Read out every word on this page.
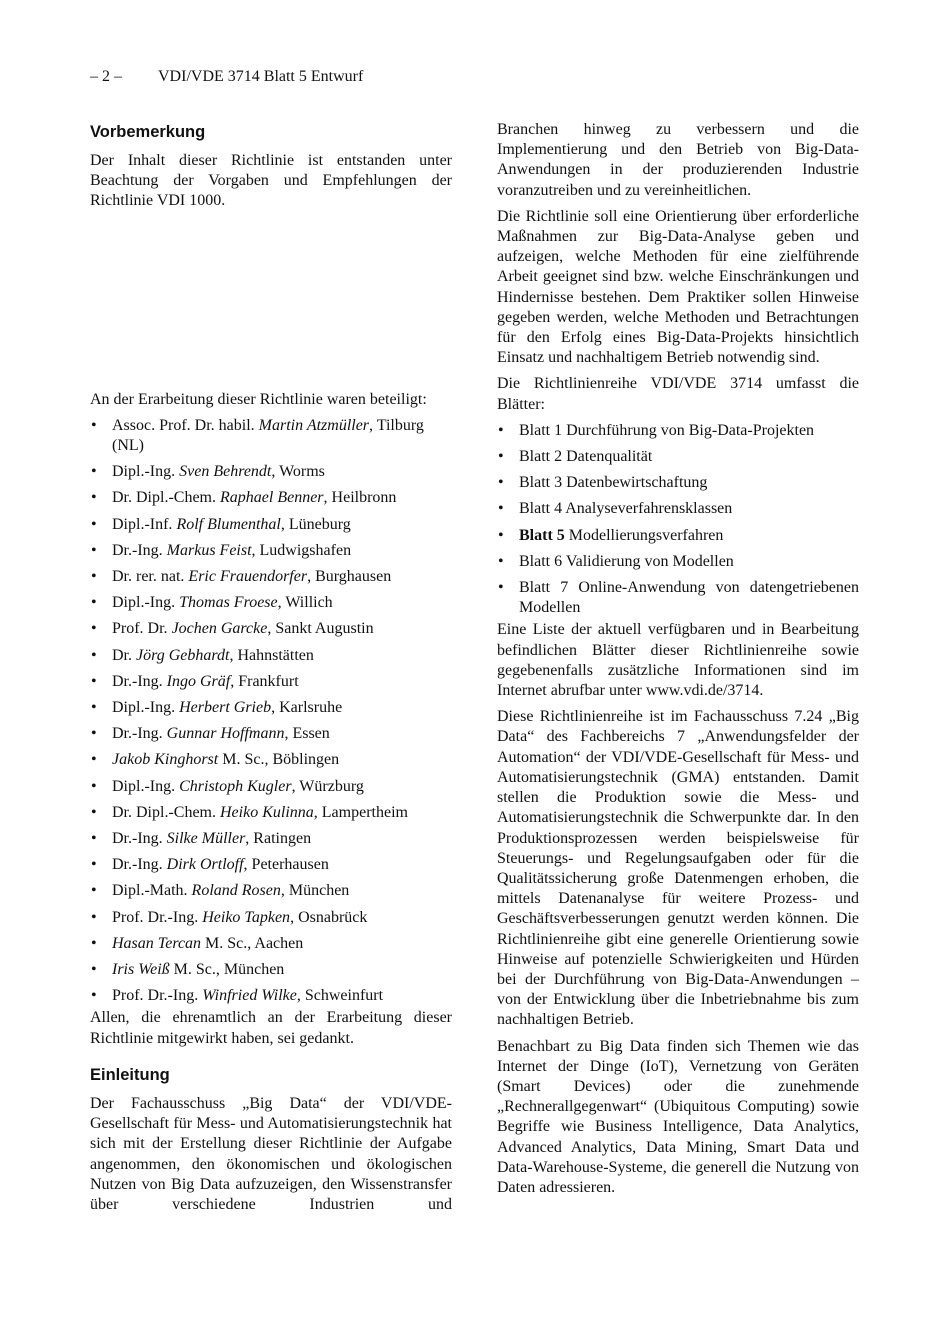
– 2 – VDI/VDE 3714 Blatt 5 Entwurf
Vorbemerkung

Der Inhalt dieser Richtlinie ist entstanden unter Beachtung der Vorgaben und Empfehlungen der Richtlinie VDI 1000.

An der Erarbeitung dieser Richtlinie waren beteiligt:

• Assoc. Prof. Dr. habil. Martin Atzmüller, Tilburg (NL)
• Dipl.-Ing. Sven Behrendt, Worms
• Dr. Dipl.-Chem. Raphael Benner, Heilbronn
• Dipl.-Inf. Rolf Blumenthal, Lüneburg
• Dr.-Ing. Markus Feist, Ludwigshafen
• Dr. rer. nat. Eric Frauendorfer, Burghausen
• Dipl.-Ing. Thomas Froese, Willich
• Prof. Dr. Jochen Garcke, Sankt Augustin
• Dr. Jörg Gebhardt, Hahnstätten
• Dr.-Ing. Ingo Gräf, Frankfurt
• Dipl.-Ing. Herbert Grieb, Karlsruhe
• Dr.-Ing. Gunnar Hoffmann, Essen
• Jakob Kinghorst M. Sc., Böblingen
• Dipl.-Ing. Christoph Kugler, Würzburg
• Dr. Dipl.-Chem. Heiko Kulinna, Lampertheim
• Dr.-Ing. Silke Müller, Ratingen
• Dr.-Ing. Dirk Ortloff, Peterhausen
• Dipl.-Math. Roland Rosen, München
• Prof. Dr.-Ing. Heiko Tapken, Osnabrück
• Hasan Tercan M. Sc., Aachen
• Iris Weiß M. Sc., München
• Prof. Dr.-Ing. Winfried Wilke, Schweinfurt

Allen, die ehrenamtlich an der Erarbeitung dieser Richtlinie mitgewirkt haben, sei gedankt.

Einleitung

Der Fachausschuss „Big Data“ der VDI/VDE-Gesellschaft für Mess- und Automatisierungstechnik hat sich mit der Erstellung dieser Richtlinie der Aufgabe angenommen, den ökonomischen und ökologischen Nutzen von Big Data aufzuzeigen, den Wissenstransfer über verschiedene Industrien und

Branchen hinweg zu verbessern und die Implementierung und den Betrieb von Big-Data-Anwendungen in der produzierenden Industrie voranzutreiben und zu vereinheitlichen.

Die Richtlinie soll eine Orientierung über erforderliche Maßnahmen zur Big-Data-Analyse geben und aufzeigen, welche Methoden für eine zielführende Arbeit geeignet sind bzw. welche Einschränkungen und Hindernisse bestehen. Dem Praktiker sollen Hinweise gegeben werden, welche Methoden und Betrachtungen für den Erfolg eines Big-Data-Projekts hinsichtlich Einsatz und nachhaltigem Betrieb notwendig sind.

Die Richtlinienreihe VDI/VDE 3714 umfasst die Blätter:

• Blatt 1 Durchführung von Big-Data-Projekten
• Blatt 2 Datenqualität
• Blatt 3 Datenbewirtschaftung
• Blatt 4 Analyseverfahrensklassen
• Blatt 5 Modellierungsverfahren
• Blatt 6 Validierung von Modellen
• Blatt 7 Online-Anwendung von datengetriebenen Modellen

Eine Liste der aktuell verfügbaren und in Bearbeitung befindlichen Blätter dieser Richtlinienreihe sowie gegebenenfalls zusätzliche Informationen sind im Internet abrufbar unter www.vdi.de/3714.

Diese Richtlinienreihe ist im Fachausschuss 7.24 „Big Data“ des Fachbereichs 7 „Anwendungsfelder der Automation“ der VDI/VDE-Gesellschaft für Mess- und Automatisierungstechnik (GMA) entstanden. Damit stellen die Produktion sowie die Mess- und Automatisierungstechnik die Schwerpunkte dar. In den Produktionsprozessen werden beispielsweise für Steuerungs- und Regelungsaufgaben oder für die Qualitätssicherung große Datenmengen erhoben, die mittels Datenanalyse für weitere Prozess- und Geschäftsverbesserungen genutzt werden können. Die Richtlinienreihe gibt eine generelle Orientierung sowie Hinweise auf potenzielle Schwierigkeiten und Hürden bei der Durchführung von Big-Data-Anwendungen – von der Entwicklung über die Inbetriebnahme bis zum nachhaltigen Betrieb.

Benachbart zu Big Data finden sich Themen wie das Internet der Dinge (IoT), Vernetzung von Geräten (Smart Devices) oder die zunehmende „Rechnerallgegenwart“ (Ubiquitous Computing) sowie Begriffe wie Business Intelligence, Data Analytics, Advanced Analytics, Data Mining, Smart Data und Data-Warehouse-Systeme, die generell die Nutzung von Daten adressieren.
